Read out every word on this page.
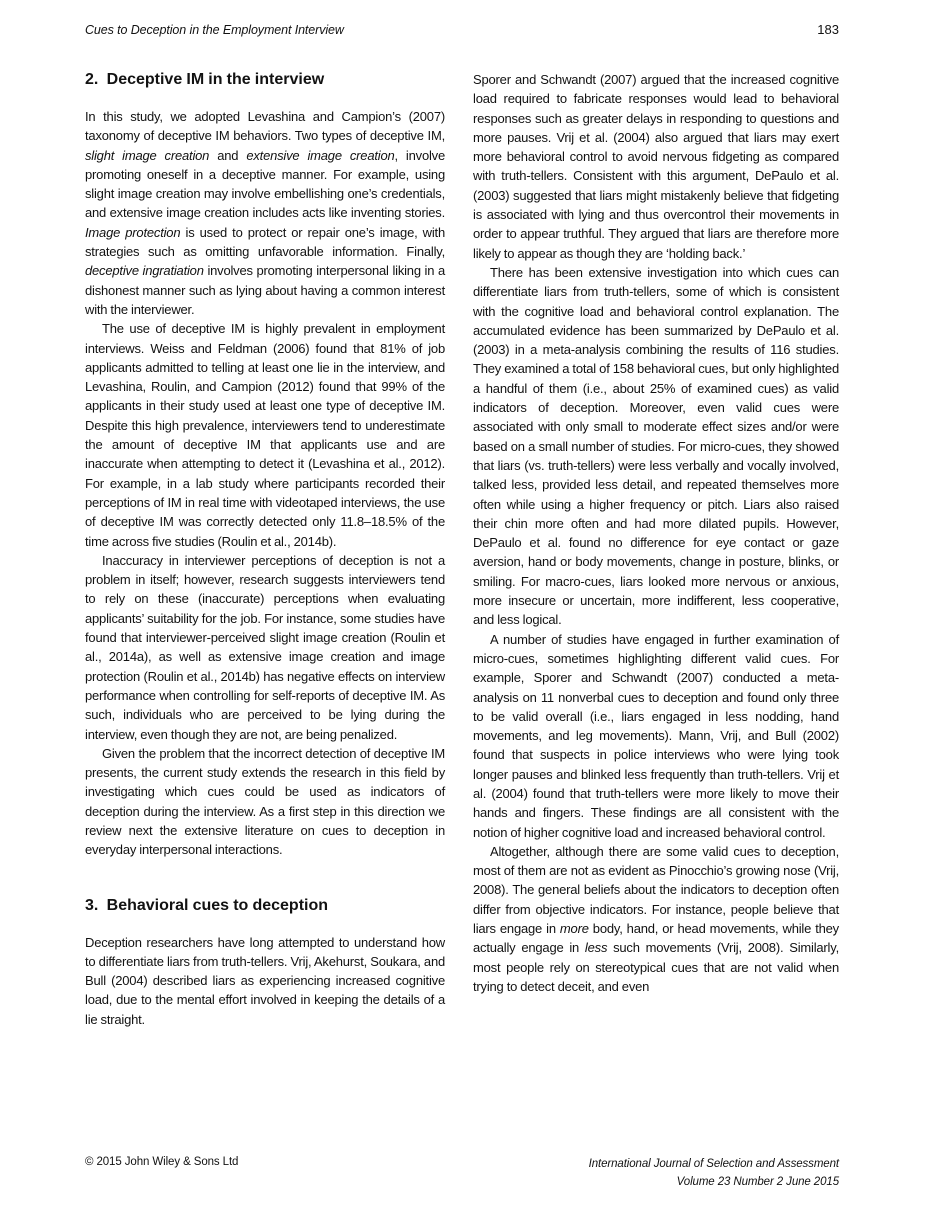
Cues to Deception in the Employment Interview	183
2.  Deceptive IM in the interview

In this study, we adopted Levashina and Campion’s (2007) taxonomy of deceptive IM behaviors. Two types of deceptive IM, slight image creation and extensive image creation, involve promoting oneself in a deceptive manner. For example, using slight image creation may involve embellishing one’s credentials, and extensive image creation includes acts like inventing stories. Image protection is used to protect or repair one’s image, with strategies such as omitting unfavorable information. Finally, deceptive ingratiation involves promoting interpersonal liking in a dishonest manner such as lying about having a common interest with the interviewer.

The use of deceptive IM is highly prevalent in employment interviews. Weiss and Feldman (2006) found that 81% of job applicants admitted to telling at least one lie in the interview, and Levashina, Roulin, and Campion (2012) found that 99% of the applicants in their study used at least one type of deceptive IM. Despite this high prevalence, interviewers tend to underestimate the amount of deceptive IM that applicants use and are inaccurate when attempting to detect it (Levashina et al., 2012). For example, in a lab study where participants recorded their perceptions of IM in real time with videotaped interviews, the use of deceptive IM was correctly detected only 11.8–18.5% of the time across five studies (Roulin et al., 2014b).

Inaccuracy in interviewer perceptions of deception is not a problem in itself; however, research suggests interviewers tend to rely on these (inaccurate) perceptions when evaluating applicants’ suitability for the job. For instance, some studies have found that interviewer-perceived slight image creation (Roulin et al., 2014a), as well as extensive image creation and image protection (Roulin et al., 2014b) has negative effects on interview performance when controlling for self-reports of deceptive IM. As such, individuals who are perceived to be lying during the interview, even though they are not, are being penalized.

Given the problem that the incorrect detection of deceptive IM presents, the current study extends the research in this field by investigating which cues could be used as indicators of deception during the interview. As a first step in this direction we review next the extensive literature on cues to deception in everyday interpersonal interactions.

3.  Behavioral cues to deception

Deception researchers have long attempted to understand how to differentiate liars from truth-tellers. Vrij, Akehurst, Soukara, and Bull (2004) described liars as experiencing increased cognitive load, due to the mental effort involved in keeping the details of a lie straight.

Sporer and Schwandt (2007) argued that the increased cognitive load required to fabricate responses would lead to behavioral responses such as greater delays in responding to questions and more pauses. Vrij et al. (2004) also argued that liars may exert more behavioral control to avoid nervous fidgeting as compared with truth-tellers. Consistent with this argument, DePaulo et al. (2003) suggested that liars might mistakenly believe that fidgeting is associated with lying and thus overcontrol their movements in order to appear truthful. They argued that liars are therefore more likely to appear as though they are ‘holding back.’

There has been extensive investigation into which cues can differentiate liars from truth-tellers, some of which is consistent with the cognitive load and behavioral control explanation. The accumulated evidence has been summarized by DePaulo et al. (2003) in a meta-analysis combining the results of 116 studies. They examined a total of 158 behavioral cues, but only highlighted a handful of them (i.e., about 25% of examined cues) as valid indicators of deception. Moreover, even valid cues were associated with only small to moderate effect sizes and/or were based on a small number of studies. For micro-cues, they showed that liars (vs. truth-tellers) were less verbally and vocally involved, talked less, provided less detail, and repeated themselves more often while using a higher frequency or pitch. Liars also raised their chin more often and had more dilated pupils. However, DePaulo et al. found no difference for eye contact or gaze aversion, hand or body movements, change in posture, blinks, or smiling. For macro-cues, liars looked more nervous or anxious, more insecure or uncertain, more indifferent, less cooperative, and less logical.

A number of studies have engaged in further examination of micro-cues, sometimes highlighting different valid cues. For example, Sporer and Schwandt (2007) conducted a meta-analysis on 11 nonverbal cues to deception and found only three to be valid overall (i.e., liars engaged in less nodding, hand movements, and leg movements). Mann, Vrij, and Bull (2002) found that suspects in police interviews who were lying took longer pauses and blinked less frequently than truth-tellers. Vrij et al. (2004) found that truth-tellers were more likely to move their hands and fingers. These findings are all consistent with the notion of higher cognitive load and increased behavioral control.

Altogether, although there are some valid cues to deception, most of them are not as evident as Pinocchio’s growing nose (Vrij, 2008). The general beliefs about the indicators to deception often differ from objective indicators. For instance, people believe that liars engage in more body, hand, or head movements, while they actually engage in less such movements (Vrij, 2008). Similarly, most people rely on stereotypical cues that are not valid when trying to detect deceit, and even

© 2015 John Wiley & Sons Ltd	International Journal of Selection and Assessment
Volume 23 Number 2 June 2015
